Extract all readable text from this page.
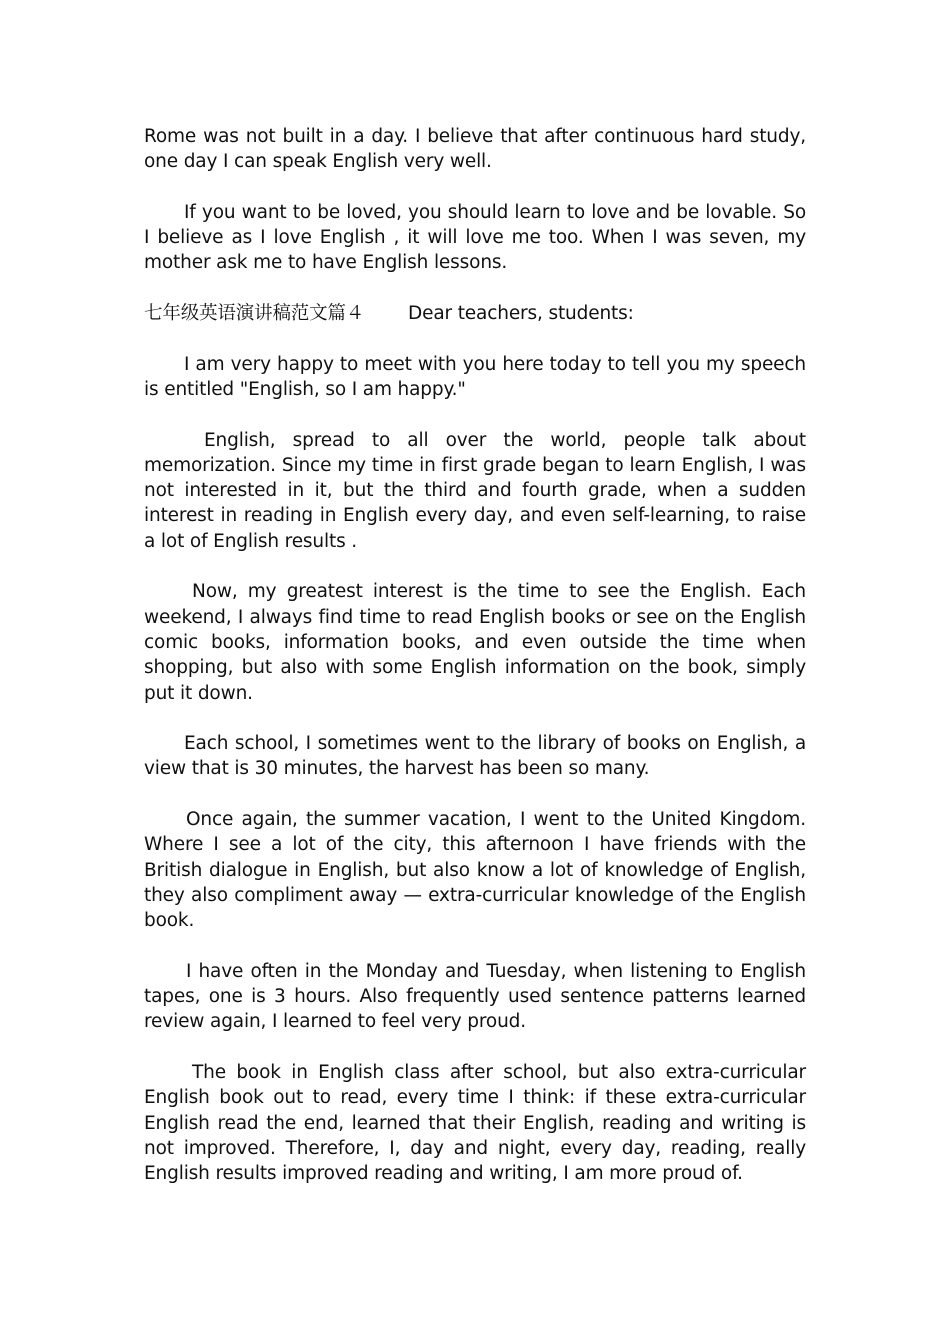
Rome was not built in a day. I believe that after continuous hard study, one day I can speak English very well.

If you want to be loved, you should learn to love and be lovable. So I believe as I love English , it will love me too. When I was seven, my mother ask me to have English lessons.

七年级英语演讲稿范文篇４ Dear teachers, students:

I am very happy to meet with you here today to tell you my speech is entitled "English, so I am happy."

English, spread to all over the world, people talk about memorization. Since my time in first grade began to learn English, I was not interested in it, but the third and fourth grade, when a sudden interest in reading in English every day, and even self-learning, to raise a lot of English results .

Now, my greatest interest is the time to see the English. Each weekend, I always find time to read English books or see on the English comic books, information books, and even outside the time when shopping, but also with some English information on the book, simply put it down.

Each school, I sometimes went to the library of books on English, a view that is 30 minutes, the harvest has been so many.

Once again, the summer vacation, I went to the United Kingdom. Where I see a lot of the city, this afternoon I have friends with the British dialogue in English, but also know a lot of knowledge of English, they also compliment away — extra-curricular knowledge of the English book.

I have often in the Monday and Tuesday, when listening to English tapes, one is 3 hours. Also frequently used sentence patterns learned review again, I learned to feel very proud.

The book in English class after school, but also extra-curricular English book out to read, every time I think: if these extra-curricular English read the end, learned that their English, reading and writing is not improved. Therefore, I, day and night, every day, reading, really English results improved reading and writing, I am more proud of.
